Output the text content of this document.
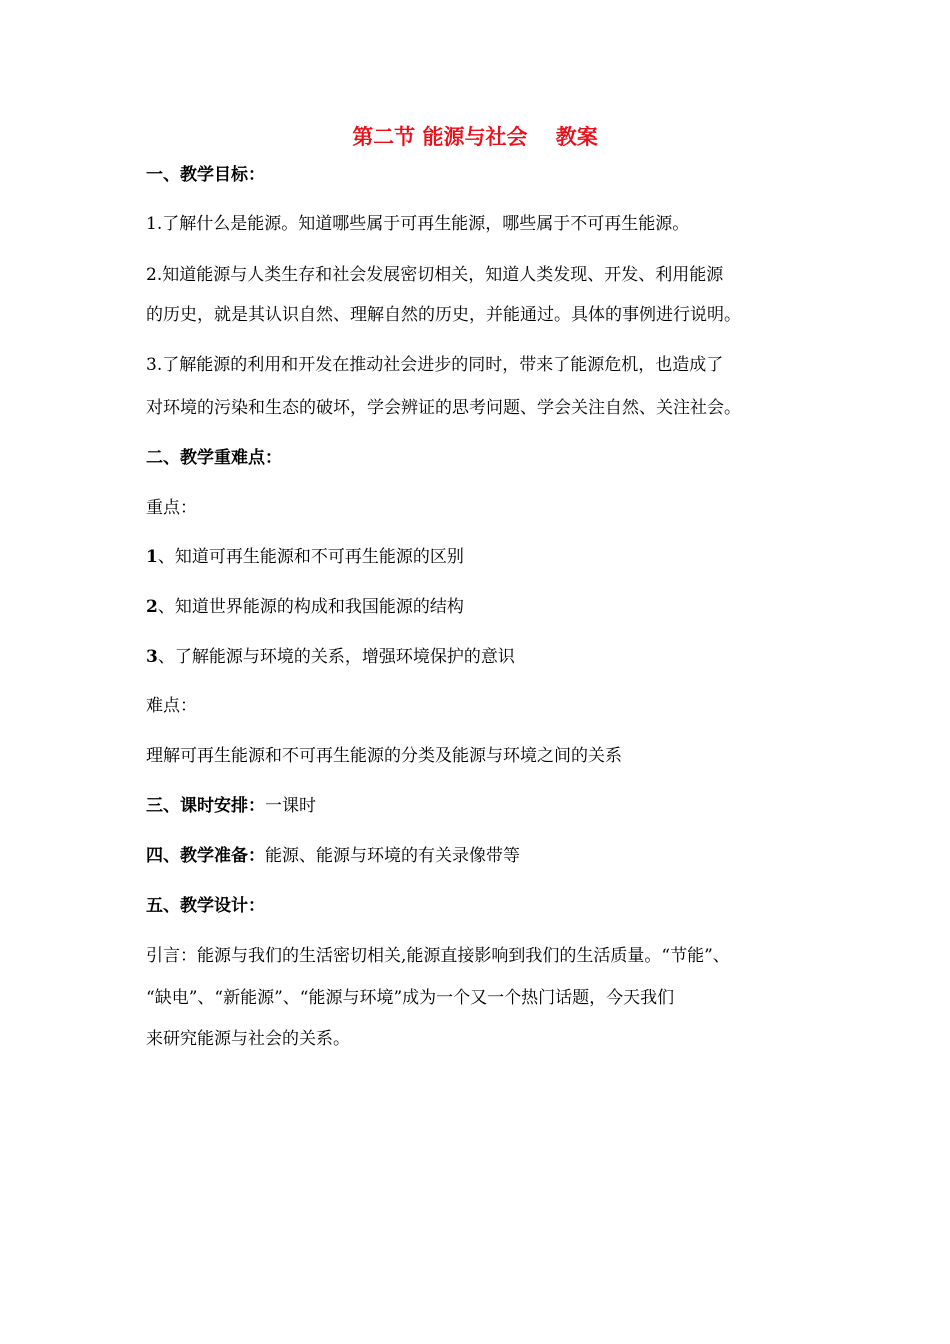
第二节 能源与社会　 教案
一、教学目标：
1.了解什么是能源。知道哪些属于可再生能源，哪些属于不可再生能源。
2.知道能源与人类生存和社会发展密切相关，知道人类发现、开发、利用能源
的历史，就是其认识自然、理解自然的历史，并能通过。具体的事例进行说明。
3.了解能源的利用和开发在推动社会进步的同时，带来了能源危机，也造成了
对环境的污染和生态的破坏，学会辨证的思考问题、学会关注自然、关注社会。
二、教学重难点：
重点：
1、知道可再生能源和不可再生能源的区别
2、知道世界能源的构成和我国能源的结构
3、了解能源与环境的关系，增强环境保护的意识
难点：
理解可再生能源和不可再生能源的分类及能源与环境之间的关系
三、课时安排：一课时
四、教学准备：能源、能源与环境的有关录像带等
五、教学设计：
引言：能源与我们的生活密切相关,能源直接影响到我们的生活质量。“节能”、
“缺电”、“新能源”、“能源与环境”成为一个又一个热门话题，今天我们
来研究能源与社会的关系。
